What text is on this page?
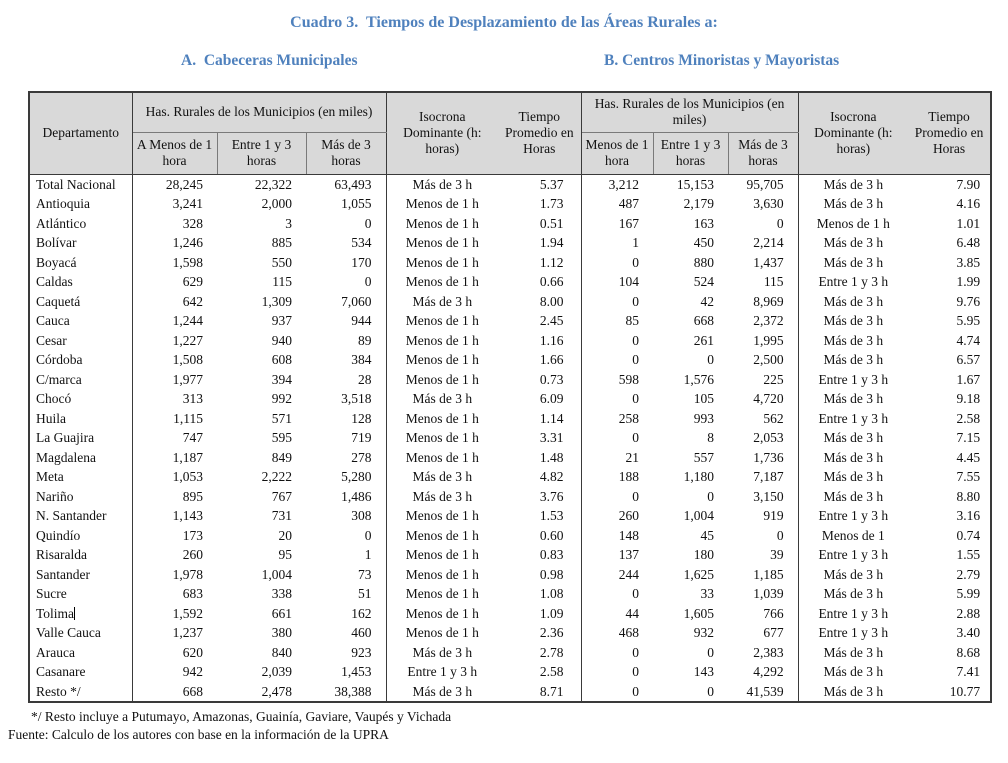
Cuadro 3.  Tiempos de Desplazamiento de las Áreas Rurales a:
A.  Cabeceras Municipales	B. Centros Minoristas y Mayoristas
Departamento	Has. Rurales de los Municipios (en miles)			Isocrona Dominante (h: horas)	Tiempo Promedio en Horas	Has. Rurales de los Municipios (en miles)			Isocrona Dominante (h: horas)	Tiempo Promedio en Horas
	A Menos de 1 hora	Entre 1 y 3 horas	Más de 3 horas			Menos de 1 hora	Entre 1 y 3 horas	Más de 3 horas		
Total Nacional	28,245	22,322	63,493	Más de 3 h	5.37	3,212	15,153	95,705	Más de 3 h	7.90
Antioquia	3,241	2,000	1,055	Menos de 1 h	1.73	487	2,179	3,630	Más de 3 h	4.16
Atlántico	328	3	0	Menos de 1 h	0.51	167	163	0	Menos de 1 h	1.01
Bolívar	1,246	885	534	Menos de 1 h	1.94	1	450	2,214	Más de 3 h	6.48
Boyacá	1,598	550	170	Menos de 1 h	1.12	0	880	1,437	Más de 3 h	3.85
Caldas	629	115	0	Menos de 1 h	0.66	104	524	115	Entre 1 y 3 h	1.99
Caquetá	642	1,309	7,060	Más de 3 h	8.00	0	42	8,969	Más de 3 h	9.76
Cauca	1,244	937	944	Menos de 1 h	2.45	85	668	2,372	Más de 3 h	5.95
Cesar	1,227	940	89	Menos de 1 h	1.16	0	261	1,995	Más de 3 h	4.74
Córdoba	1,508	608	384	Menos de 1 h	1.66	0	0	2,500	Más de 3 h	6.57
C/marca	1,977	394	28	Menos de 1 h	0.73	598	1,576	225	Entre 1 y 3 h	1.67
Chocó	313	992	3,518	Más de 3 h	6.09	0	105	4,720	Más de 3 h	9.18
Huila	1,115	571	128	Menos de 1 h	1.14	258	993	562	Entre 1 y 3 h	2.58
La Guajira	747	595	719	Menos de 1 h	3.31	0	8	2,053	Más de 3 h	7.15
Magdalena	1,187	849	278	Menos de 1 h	1.48	21	557	1,736	Más de 3 h	4.45
Meta	1,053	2,222	5,280	Más de 3 h	4.82	188	1,180	7,187	Más de 3 h	7.55
Nariño	895	767	1,486	Más de 3 h	3.76	0	0	3,150	Más de 3 h	8.80
N. Santander	1,143	731	308	Menos de 1 h	1.53	260	1,004	919	Entre 1 y 3 h	3.16
Quindío	173	20	0	Menos de 1 h	0.60	148	45	0	Menos de 1	0.74
Risaralda	260	95	1	Menos de 1 h	0.83	137	180	39	Entre 1 y 3 h	1.55
Santander	1,978	1,004	73	Menos de 1 h	0.98	244	1,625	1,185	Más de 3 h	2.79
Sucre	683	338	51	Menos de 1 h	1.08	0	33	1,039	Más de 3 h	5.99
Tolima	1,592	661	162	Menos de 1 h	1.09	44	1,605	766	Entre 1 y 3 h	2.88
Valle Cauca	1,237	380	460	Menos de 1 h	2.36	468	932	677	Entre 1 y 3 h	3.40
Arauca	620	840	923	Más de 3 h	2.78	0	0	2,383	Más de 3 h	8.68
Casanare	942	2,039	1,453	Entre 1 y 3 h	2.58	0	143	4,292	Más de 3 h	7.41
Resto */	668	2,478	38,388	Más de 3 h	8.71	0	0	41,539	Más de 3 h	10.77
*/ Resto incluye a Putumayo, Amazonas, Guainía, Gaviare, Vaupés y Vichada
Fuente: Calculo de los autores con base en la información de la UPRA
